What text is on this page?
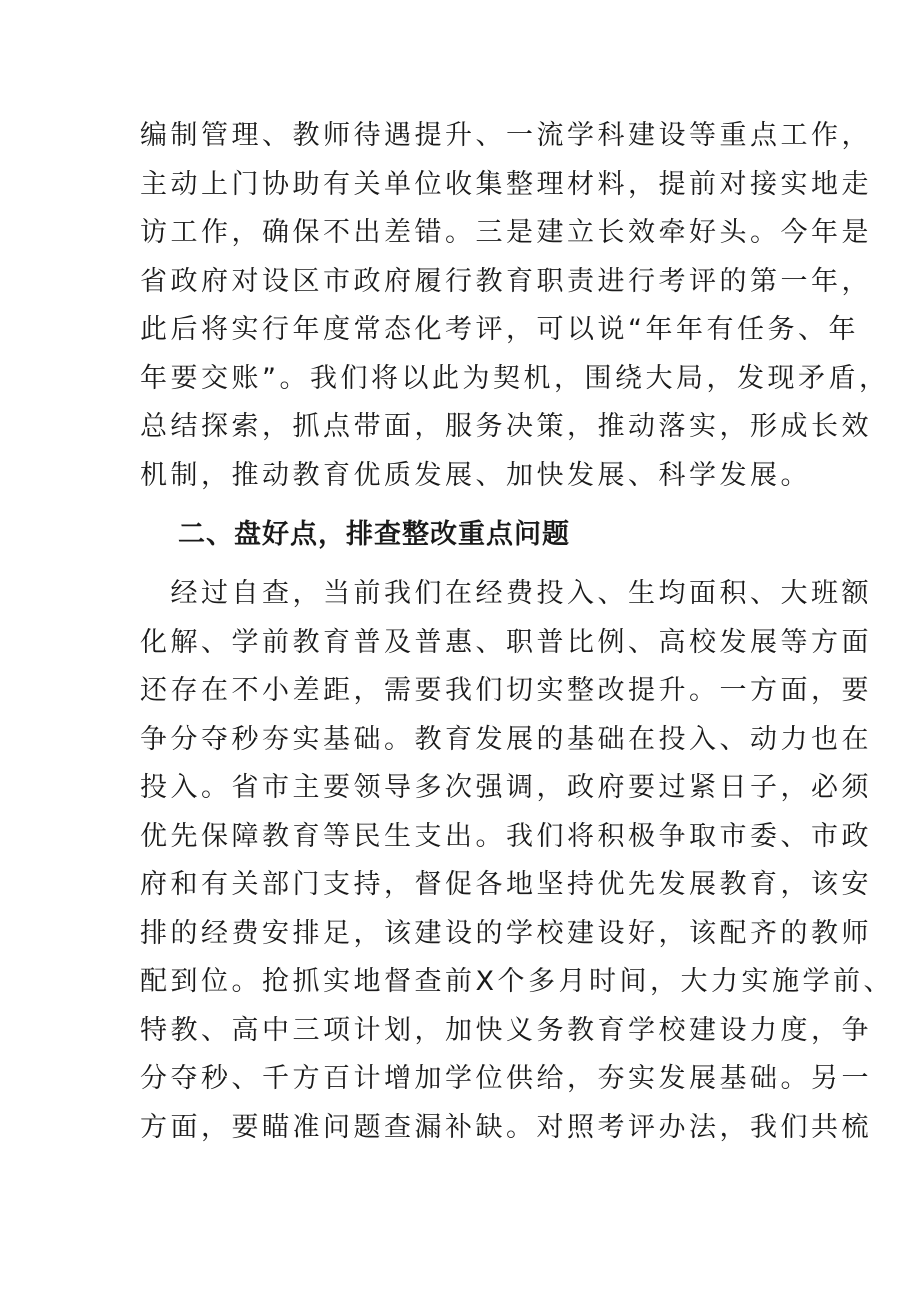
编制管理、教师待遇提升、一流学科建设等重点工作，
主动上门协助有关单位收集整理材料，提前对接实地走
访工作，确保不出差错。三是建立长效牵好头。今年是
省政府对设区市政府履行教育职责进行考评的第一年，
此后将实行年度常态化考评，可以说“年年有任务、年
年要交账”。我们将以此为契机，围绕大局，发现矛盾，
总结探索，抓点带面，服务决策，推动落实，形成长效
机制，推动教育优质发展、加快发展、科学发展。
二、盘好点，排查整改重点问题
　经过自查，当前我们在经费投入、生均面积、大班额
化解、学前教育普及普惠、职普比例、高校发展等方面
还存在不小差距，需要我们切实整改提升。一方面，要
争分夺秒夯实基础。教育发展的基础在投入、动力也在
投入。省市主要领导多次强调，政府要过紧日子，必须
优先保障教育等民生支出。我们将积极争取市委、市政
府和有关部门支持，督促各地坚持优先发展教育，该安
排的经费安排足，该建设的学校建设好，该配齐的教师
配到位。抢抓实地督查前X个多月时间，大力实施学前、
特教、高中三项计划，加快义务教育学校建设力度，争
分夺秒、千方百计增加学位供给，夯实发展基础。另一
方面，要瞄准问题查漏补缺。对照考评办法，我们共梳
